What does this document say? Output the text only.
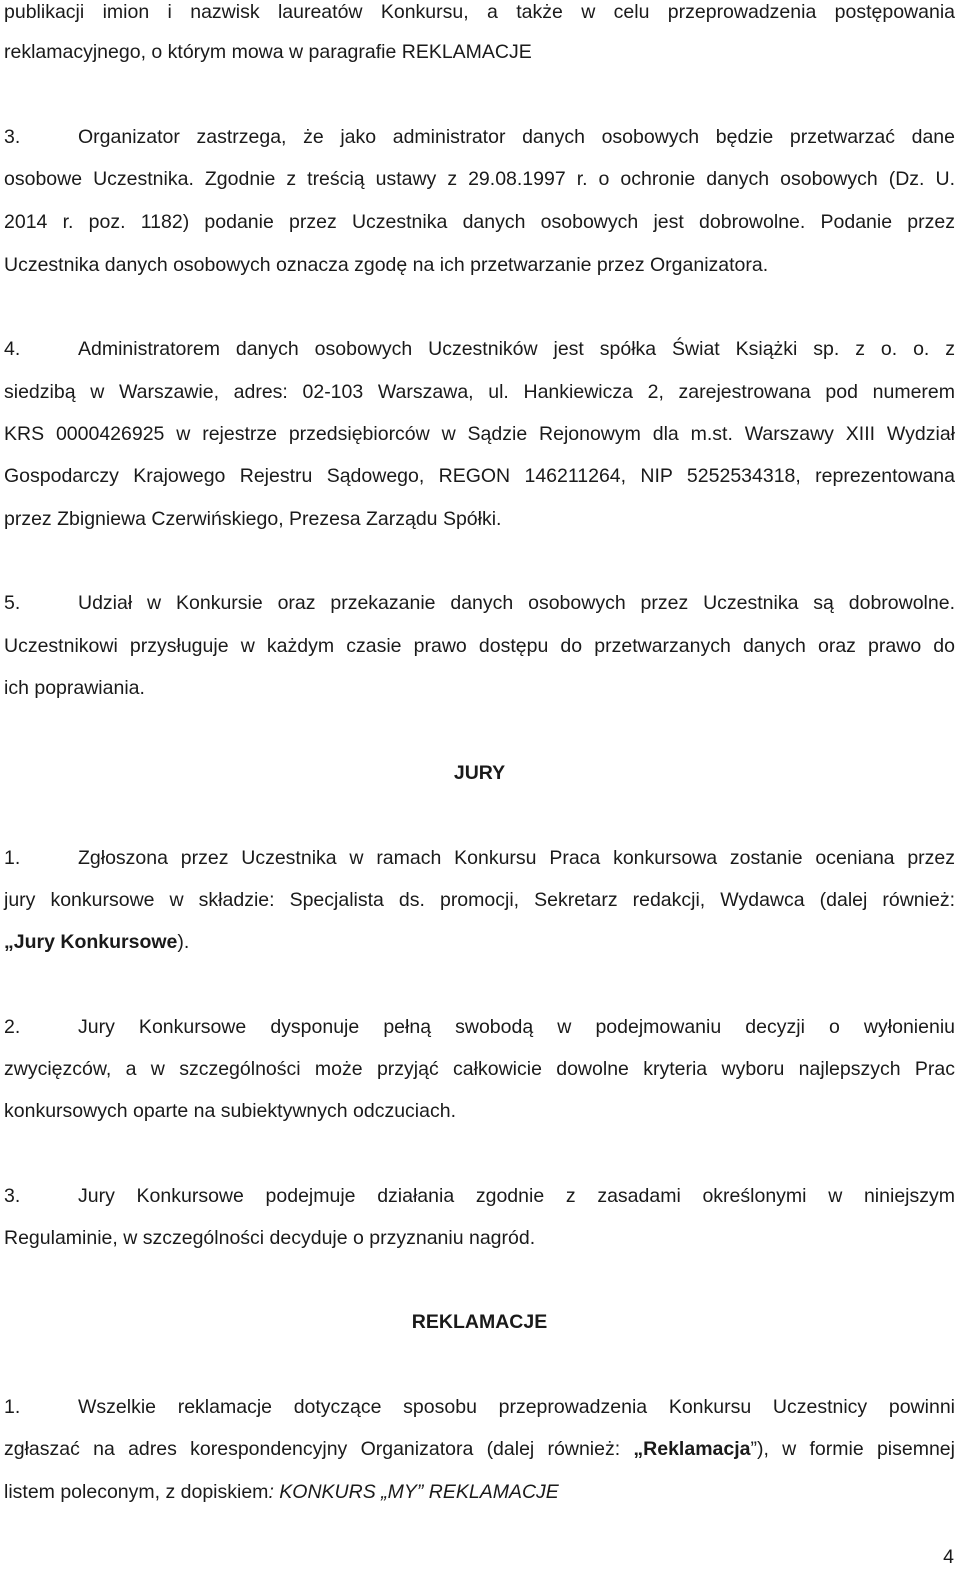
publikacji imion i nazwisk laureatów Konkursu, a także w celu przeprowadzenia postępowania
reklamacyjnego, o którym mowa w paragrafie REKLAMACJE
3.	Organizator zastrzega, że jako administrator danych osobowych będzie przetwarzać dane
osobowe Uczestnika. Zgodnie z treścią ustawy z 29.08.1997 r. o ochronie danych osobowych (Dz. U.
2014 r. poz. 1182) podanie przez Uczestnika danych osobowych jest dobrowolne. Podanie przez
Uczestnika danych osobowych oznacza zgodę na ich przetwarzanie przez Organizatora.
4.	Administratorem danych osobowych Uczestników jest spółka Świat Książki sp. z o. o. z
siedzibą w Warszawie, adres: 02-103 Warszawa, ul. Hankiewicza 2, zarejestrowana pod numerem
KRS 0000426925 w rejestrze przedsiębiorców w Sądzie Rejonowym dla m.st. Warszawy XIII Wydział
Gospodarczy Krajowego Rejestru Sądowego, REGON 146211264, NIP 5252534318, reprezentowana
przez Zbigniewa Czerwińskiego, Prezesa Zarządu Spółki.
5.	Udział w Konkursie oraz przekazanie danych osobowych przez Uczestnika są dobrowolne.
Uczestnikowi przysługuje w każdym czasie prawo dostępu do przetwarzanych danych oraz prawo do
ich poprawiania.
JURY
1.	Zgłoszona przez Uczestnika w ramach Konkursu Praca konkursowa zostanie oceniana przez
jury konkursowe w składzie: Specjalista ds. promocji, Sekretarz redakcji, Wydawca (dalej również:
„Jury Konkursowe).
2.	Jury Konkursowe dysponuje pełną swobodą w podejmowaniu decyzji o wyłonieniu
zwycięzców, a w szczególności może przyjąć całkowicie dowolne kryteria wyboru najlepszych Prac
konkursowych oparte na subiektywnych odczuciach.
3.	Jury Konkursowe podejmuje działania zgodnie z zasadami określonymi w niniejszym
Regulaminie, w szczególności decyduje o przyznaniu nagród.
REKLAMACJE
1.	Wszelkie reklamacje dotyczące sposobu przeprowadzenia Konkursu Uczestnicy powinni
zgłaszać na adres korespondencyjny Organizatora (dalej również: „Reklamacja”), w formie pisemnej
listem poleconym, z dopiskiem: KONKURS „MY” REKLAMACJE
4
